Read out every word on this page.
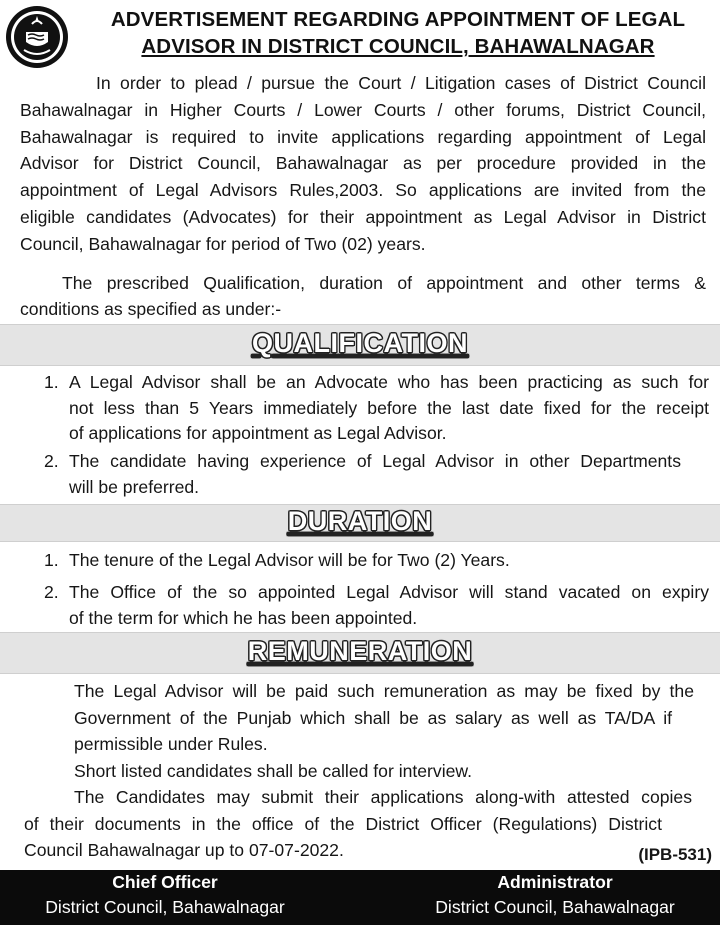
ADVERTISEMENT REGARDING APPOINTMENT OF LEGAL
ADVISOR IN DISTRICT COUNCIL, BAHAWALNAGAR
In order to plead / pursue the Court / Litigation cases of District Council
Bahawalnagar in Higher Courts / Lower Courts / other forums, District Council,
Bahawalnagar is required to invite applications regarding appointment of Legal
Advisor for District Council, Bahawalnagar as per procedure provided in the
appointment of Legal Advisors Rules,2003. So applications are invited from the
eligible candidates (Advocates) for their appointment as Legal Advisor in District
Council, Bahawalnagar for period of Two (02) years.
The prescribed Qualification, duration of appointment and other terms &
conditions as specified as under:-
QUALIFICATION
1. A Legal Advisor shall be an Advocate who has been practicing as such for
not less than 5 Years immediately before the last date fixed for the receipt
of applications for appointment as Legal Advisor.
2. The candidate having experience of Legal Advisor in other Departments
will be preferred.
DURATION
1. The tenure of the Legal Advisor will be for Two (2) Years.
2. The Office of the so appointed Legal Advisor will stand vacated on expiry
of the term for which he has been appointed.
REMUNERATION
The Legal Advisor will be paid such remuneration as may be fixed by the
Government of the Punjab which shall be as salary as well as TA/DA if
permissible under Rules.
Short listed candidates shall be called for interview.
The Candidates may submit their applications along-with attested copies
of their documents in the office of the District Officer (Regulations) District
Council Bahawalnagar up to 07-07-2022.	(IPB-531)
Chief Officer
District Council, Bahawalnagar
Administrator
District Council, Bahawalnagar
